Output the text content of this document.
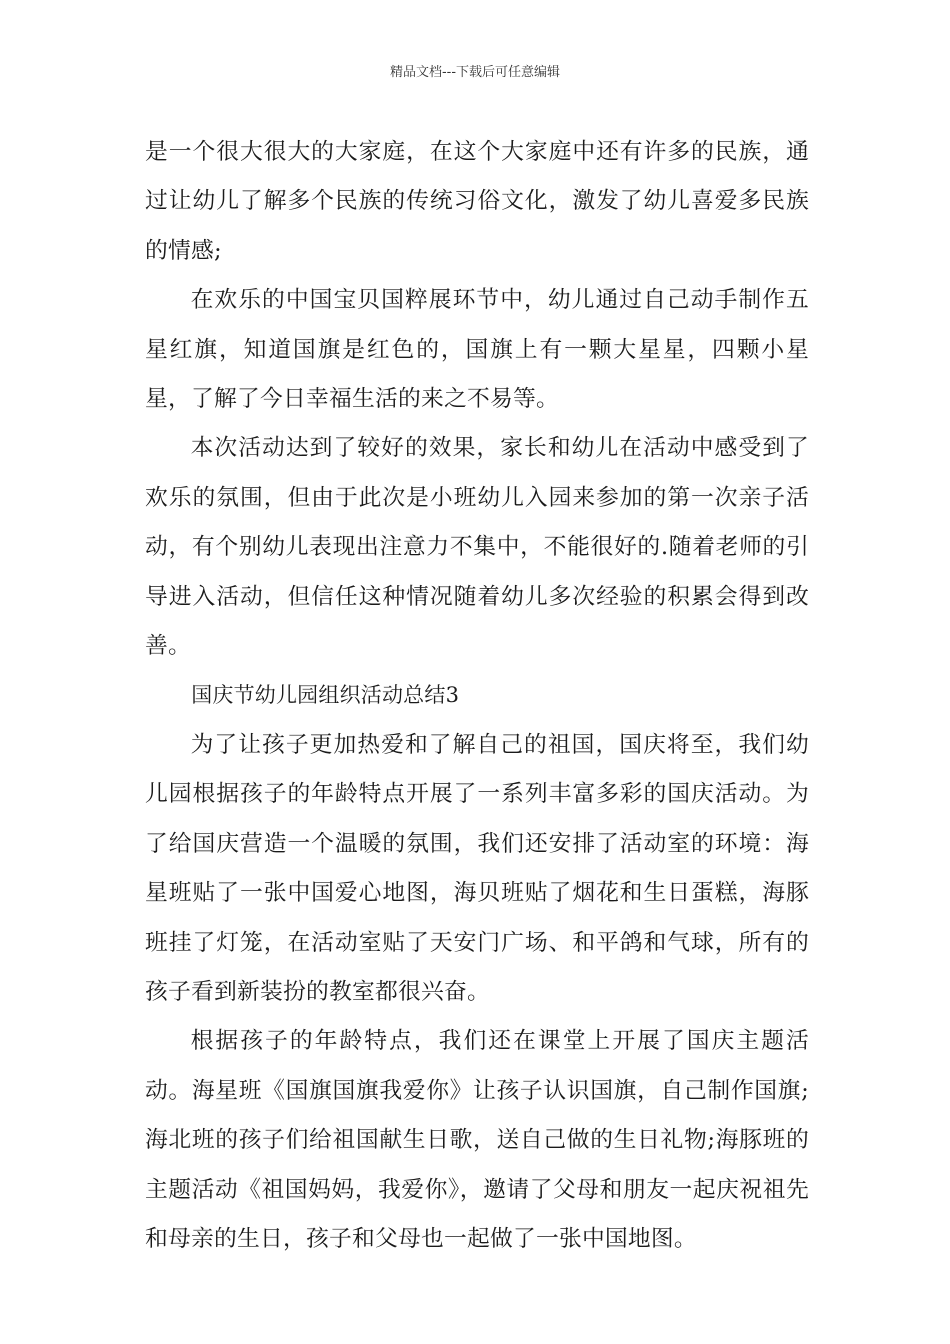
精品文档---下载后可任意编辑

是一个很大很大的大家庭，在这个大家庭中还有许多的民族，通过让幼儿了解多个民族的传统习俗文化，激发了幼儿喜爱多民族的情感;

在欢乐的中国宝贝国粹展环节中，幼儿通过自己动手制作五星红旗，知道国旗是红色的，国旗上有一颗大星星，四颗小星星，了解了今日幸福生活的来之不易等。

本次活动达到了较好的效果，家长和幼儿在活动中感受到了欢乐的氛围，但由于此次是小班幼儿入园来参加的第一次亲子活动，有个别幼儿表现出注意力不集中，不能很好的.随着老师的引导进入活动，但信任这种情况随着幼儿多次经验的积累会得到改善。

国庆节幼儿园组织活动总结3

为了让孩子更加热爱和了解自己的祖国，国庆将至，我们幼儿园根据孩子的年龄特点开展了一系列丰富多彩的国庆活动。为了给国庆营造一个温暖的氛围，我们还安排了活动室的环境：海星班贴了一张中国爱心地图，海贝班贴了烟花和生日蛋糕，海豚班挂了灯笼，在活动室贴了天安门广场、和平鸽和气球，所有的孩子看到新装扮的教室都很兴奋。

根据孩子的年龄特点，我们还在课堂上开展了国庆主题活动。海星班《国旗国旗我爱你》让孩子认识国旗，自己制作国旗;海北班的孩子们给祖国献生日歌，送自己做的生日礼物;海豚班的主题活动《祖国妈妈，我爱你》，邀请了父母和朋友一起庆祝祖先和母亲的生日，孩子和父母也一起做了一张中国地图。
